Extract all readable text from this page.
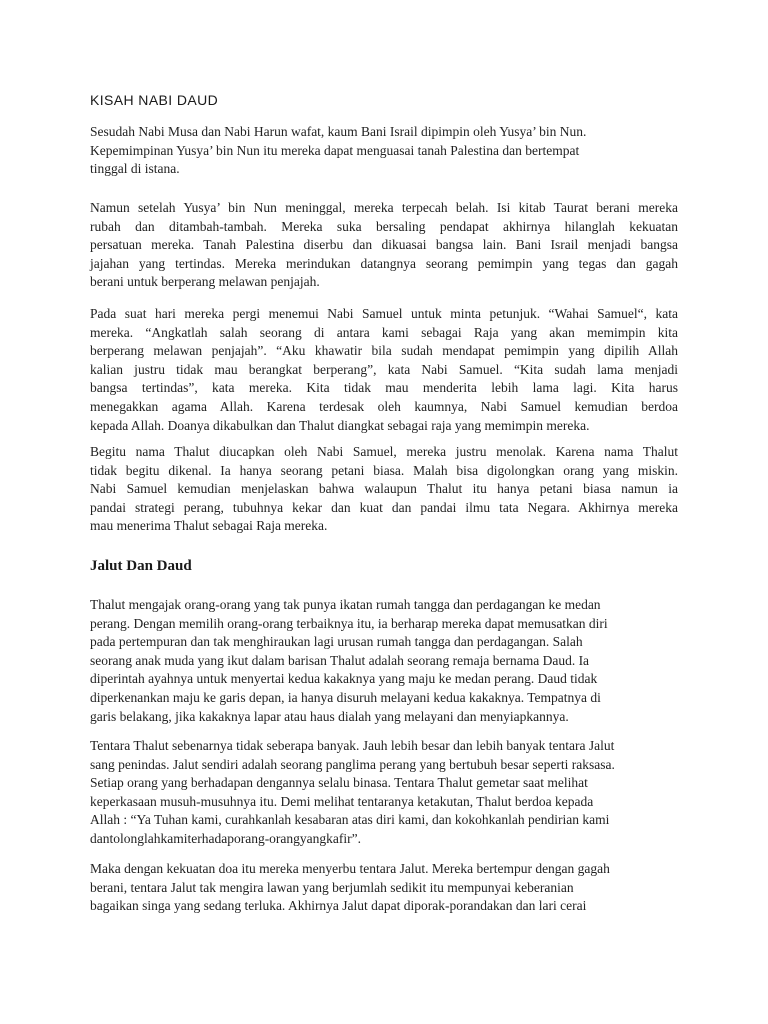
KISAH NABI DAUD
Sesudah Nabi Musa dan Nabi Harun wafat, kaum Bani Israil dipimpin oleh Yusya’ bin Nun.
Kepemimpinan Yusya’ bin Nun itu mereka dapat menguasai tanah Palestina dan bertempat
tinggal di istana.
Namun setelah Yusya’ bin Nun meninggal, mereka terpecah belah. Isi kitab Taurat berani mereka
rubah dan ditambah-tambah. Mereka suka bersaling pendapat akhirnya hilanglah kekuatan
persatuan mereka. Tanah Palestina diserbu dan dikuasai bangsa lain. Bani Israil menjadi bangsa
jajahan yang tertindas. Mereka merindukan datangnya seorang pemimpin yang tegas dan gagah
berani untuk berperang melawan penjajah.
Pada suat hari mereka pergi menemui Nabi Samuel untuk minta petunjuk. “Wahai Samuel“, kata
mereka. “Angkatlah salah seorang di antara kami sebagai Raja yang akan memimpin kita
berperang melawan penjajah”. “Aku khawatir bila sudah mendapat pemimpin yang dipilih Allah
kalian justru tidak mau berangkat berperang”, kata Nabi Samuel. “Kita sudah lama menjadi
bangsa tertindas”, kata mereka. Kita tidak mau menderita lebih lama lagi. Kita harus
menegakkan agama Allah. Karena terdesak oleh kaumnya, Nabi Samuel kemudian berdoa
kepada Allah. Doanya dikabulkan dan Thalut diangkat sebagai raja yang memimpin mereka.
Begitu nama Thalut diucapkan oleh Nabi Samuel, mereka justru menolak. Karena nama Thalut
tidak begitu dikenal. Ia hanya seorang petani biasa. Malah bisa digolongkan orang yang miskin.
Nabi Samuel kemudian menjelaskan bahwa walaupun Thalut itu hanya petani biasa namun ia
pandai strategi perang, tubuhnya kekar dan kuat dan pandai ilmu tata Negara. Akhirnya mereka
mau menerima Thalut sebagai Raja mereka.
Jalut Dan Daud
Thalut mengajak orang-orang yang tak punya ikatan rumah tangga dan perdagangan ke medan
perang. Dengan memilih orang-orang terbaiknya itu, ia berharap mereka dapat memusatkan diri
pada pertempuran dan tak menghiraukan lagi urusan rumah tangga dan perdagangan. Salah
seorang anak muda yang ikut dalam barisan Thalut adalah seorang remaja bernama Daud. Ia
diperintah ayahnya untuk menyertai kedua kakaknya yang maju ke medan perang. Daud tidak
diperkenankan maju ke garis depan, ia hanya disuruh melayani kedua kakaknya. Tempatnya di
garis belakang, jika kakaknya lapar atau haus dialah yang melayani dan menyiapkannya.
Tentara Thalut sebenarnya tidak seberapa banyak. Jauh lebih besar dan lebih banyak tentara Jalut
sang penindas. Jalut sendiri adalah seorang panglima perang yang bertubuh besar seperti raksasa.
Setiap orang yang berhadapan dengannya selalu binasa. Tentara Thalut gemetar saat melihat
keperkasaan musuh-musuhnya itu. Demi melihat tentaranya ketakutan, Thalut berdoa kepada
Allah : “Ya Tuhan kami, curahkanlah kesabaran atas diri kami, dan kokohkanlah pendirian kami
dantolonglahkamiterhadaporang-orangyangkafir”.
Maka dengan kekuatan doa itu mereka menyerbu tentara Jalut. Mereka bertempur dengan gagah
berani, tentara Jalut tak mengira lawan yang berjumlah sedikit itu mempunyai keberanian
bagaikan singa yang sedang terluka. Akhirnya Jalut dapat diporak-porandakan dan lari cerai
